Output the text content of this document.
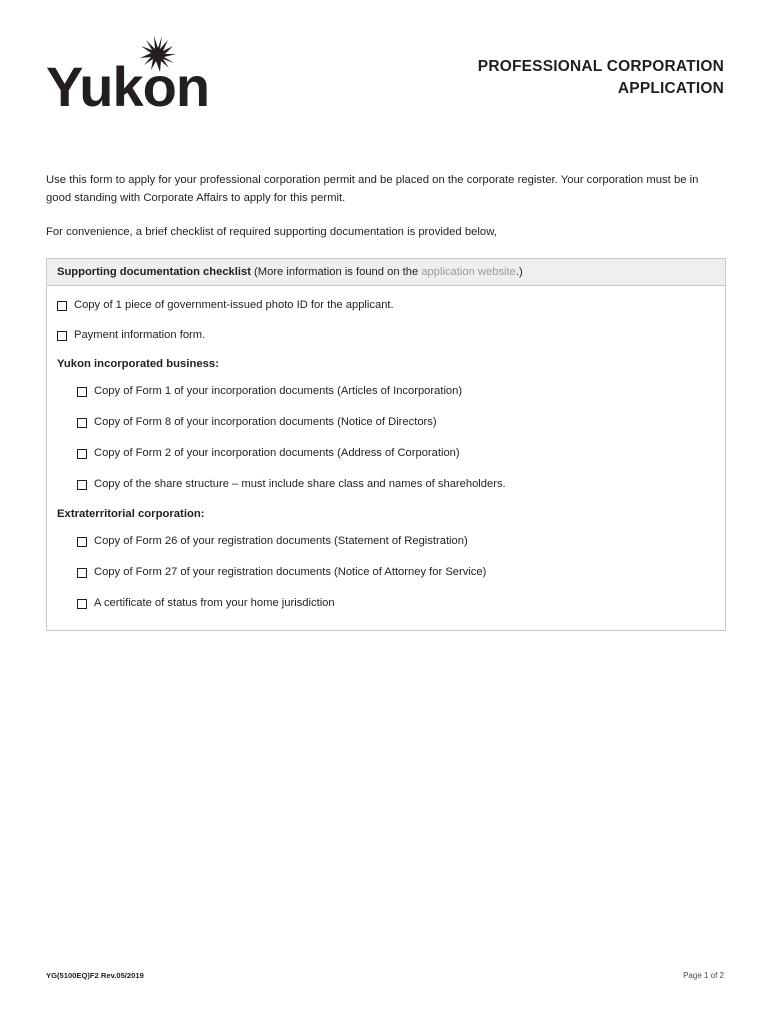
Yukon	PROFESSIONAL CORPORATION
APPLICATION

Use this form to apply for your professional corporation permit and be placed on the corporate register. Your corporation must be in good standing with Corporate Affairs to apply for this permit.

For convenience, a brief checklist of required supporting documentation is provided below,

Supporting documentation checklist (More information is found on the application website.)
Copy of 1 piece of government-issued photo ID for the applicant.
Payment information form.
Yukon incorporated business:
Copy of Form 1 of your incorporation documents (Articles of Incorporation)
Copy of Form 8 of your incorporation documents (Notice of Directors)
Copy of Form 2 of your incorporation documents (Address of Corporation)
Copy of the share structure – must include share class and names of shareholders.
Extraterritorial corporation:
Copy of Form 26 of your registration documents (Statement of Registration)
Copy of Form 27 of your registration documents (Notice of Attorney for Service)
A certificate of status from your home jurisdiction
YG(5100EQ)F2 Rev.05/2019	Page 1 of 2
